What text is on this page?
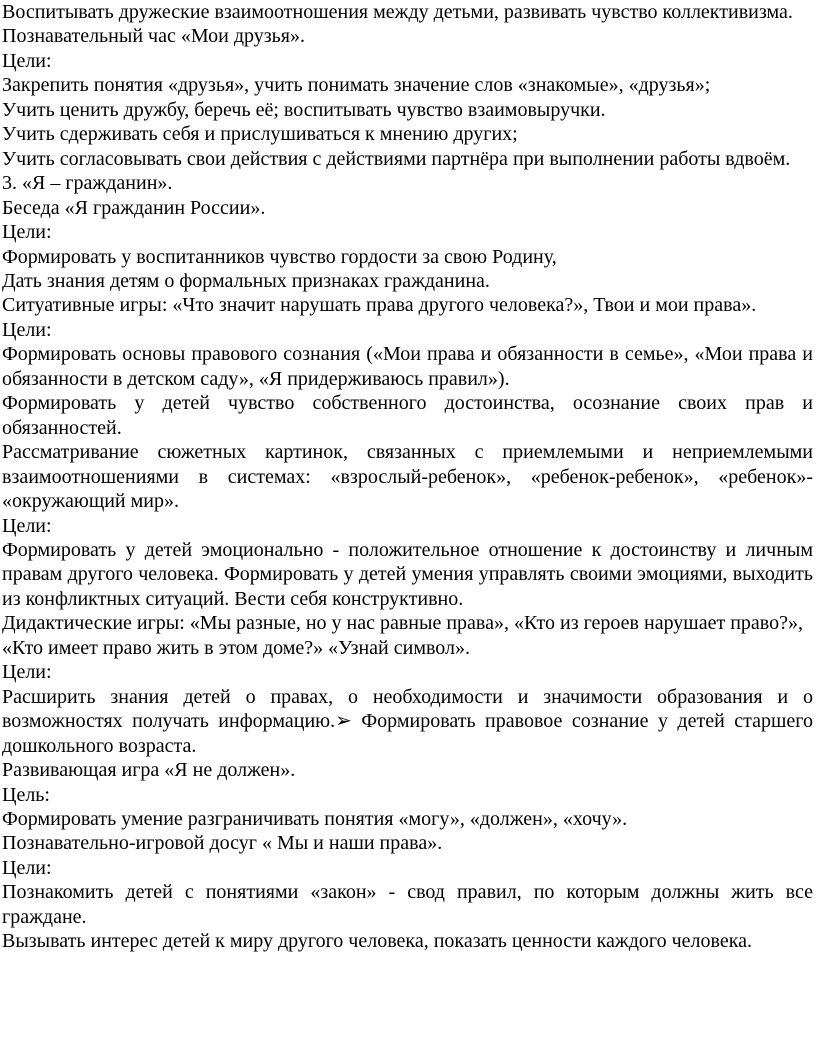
Воспитывать дружеские взаимоотношения между детьми, развивать чувство коллективизма.

Познавательный час «Мои друзья».

Цели:

Закрепить понятия «друзья», учить понимать значение слов «знакомые», «друзья»;

Учить ценить дружбу, беречь её; воспитывать чувство взаимовыручки.

Учить сдерживать себя и прислушиваться к мнению других;

Учить согласовывать свои действия с действиями партнёра при выполнении работы вдвоём.

3. «Я – гражданин».

Беседа «Я гражданин России».

Цели:

Формировать у воспитанников чувство гордости за свою Родину,

Дать знания детям о формальных признаках гражданина.

Ситуативные игры: «Что значит нарушать права другого человека?», Твои и мои права».

Цели:

Формировать основы правового сознания («Мои права и обязанности в семье», «Мои права и обязанности в детском саду», «Я придерживаюсь правил»).

Формировать у детей чувство собственного достоинства, осознание своих прав и обязанностей.

Рассматривание сюжетных картинок, связанных с приемлемыми и неприемлемыми взаимоотношениями в системах: «взрослый-ребенок», «ребенок-ребенок», «ребенок»- «окружающий мир».

Цели:

Формировать у детей эмоционально - положительное отношение к достоинству и личным правам другого человека. Формировать у детей умения управлять своими эмоциями, выходить из конфликтных ситуаций. Вести себя конструктивно.

Дидактические игры: «Мы разные, но у нас равные права», «Кто из героев нарушает право?»,

«Кто имеет право жить в этом доме?» «Узнай символ».

Цели:

Расширить знания детей о правах, о необходимости и значимости образования и о возможностях получать информацию.➢ Формировать правовое сознание у детей старшего дошкольного возраста.

Развивающая игра «Я не должен».

Цель:

Формировать умение разграничивать понятия «могу», «должен», «хочу».

Познавательно-игровой досуг « Мы и наши права».

Цели:

Познакомить детей с понятиями «закон» - свод правил, по которым должны жить все граждане.

Вызывать интерес детей к миру другого человека, показать ценности каждого человека.
